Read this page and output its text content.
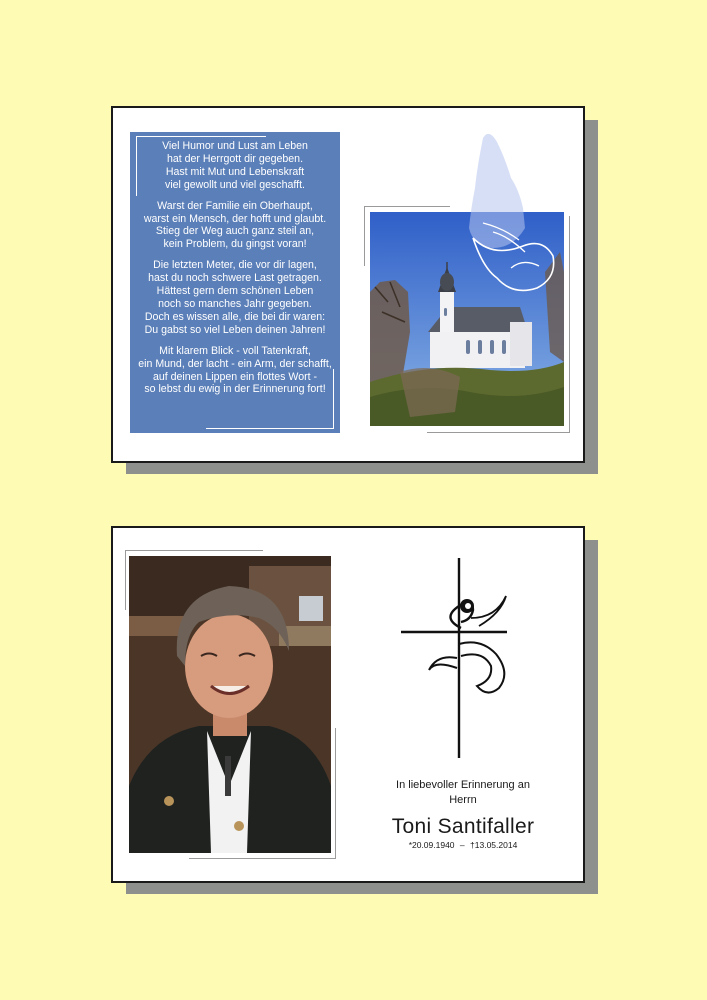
Viel Humor und Lust am Leben
hat der Herrgott dir gegeben.
Hast mit Mut und Lebenskraft
viel gewollt und viel geschafft.
Warst der Familie ein Oberhaupt,
warst ein Mensch, der hofft und glaubt.
Stieg der Weg auch ganz steil an,
kein Problem, du gingst voran!
Die letzten Meter, die vor dir lagen,
hast du noch schwere Last getragen.
Hättest gern dem schönen Leben
noch so manches Jahr gegeben.
Doch es wissen alle, die bei dir waren:
Du gabst so viel Leben deinen Jahren!
Mit klarem Blick - voll Tatenkraft,
ein Mund, der lacht - ein Arm, der schafft,
auf deinen Lippen ein flottes Wort -
so lebst du ewig in der Erinnerung fort!
In liebevoller Erinnerung an
Herrn
Toni Santifaller
*20.09.1940 – †13.05.2014
